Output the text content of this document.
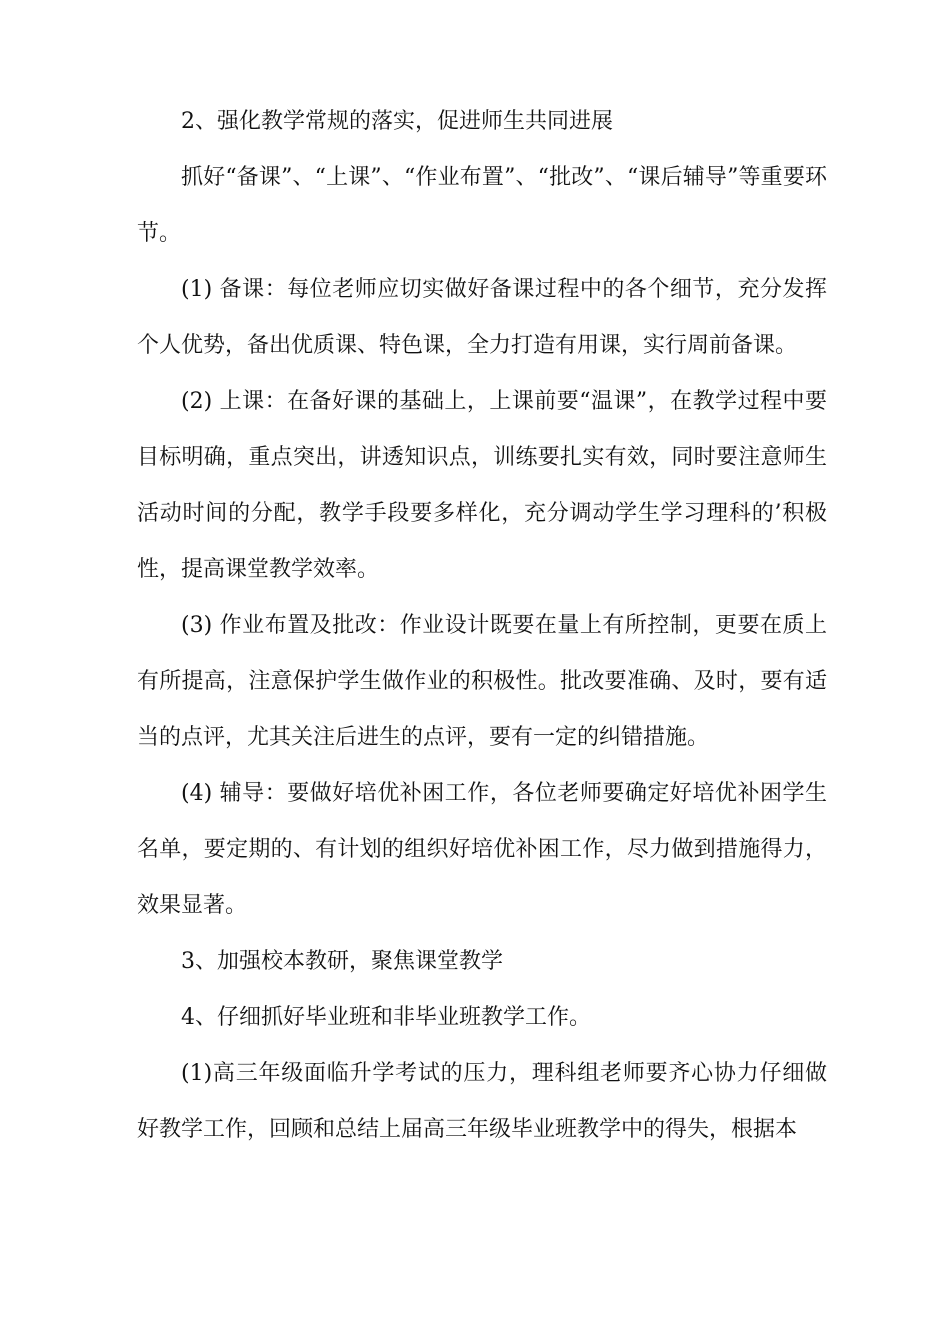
2、强化教学常规的落实，促进师生共同进展

抓好“备课”、“上课”、“作业布置”、“批改”、“课后辅导”等重要环节。

(1) 备课：每位老师应切实做好备课过程中的各个细节，充分发挥个人优势，备出优质课、特色课，全力打造有用课，实行周前备课。

(2) 上课：在备好课的基础上，上课前要“温课”，在教学过程中要目标明确，重点突出，讲透知识点，训练要扎实有效，同时要注意师生活动时间的分配，教学手段要多样化，充分调动学生学习理科的’积极性，提高课堂教学效率。

(3) 作业布置及批改：作业设计既要在量上有所控制，更要在质上有所提高，注意保护学生做作业的积极性。批改要准确、及时，要有适当的点评，尤其关注后进生的点评，要有一定的纠错措施。

(4) 辅导：要做好培优补困工作，各位老师要确定好培优补困学生名单，要定期的、有计划的组织好培优补困工作，尽力做到措施得力，效果显著。

3、加强校本教研，聚焦课堂教学

4、仔细抓好毕业班和非毕业班教学工作。

(1)高三年级面临升学考试的压力，理科组老师要齐心协力仔细做好教学工作，回顾和总结上届高三年级毕业班教学中的得失，根据本
